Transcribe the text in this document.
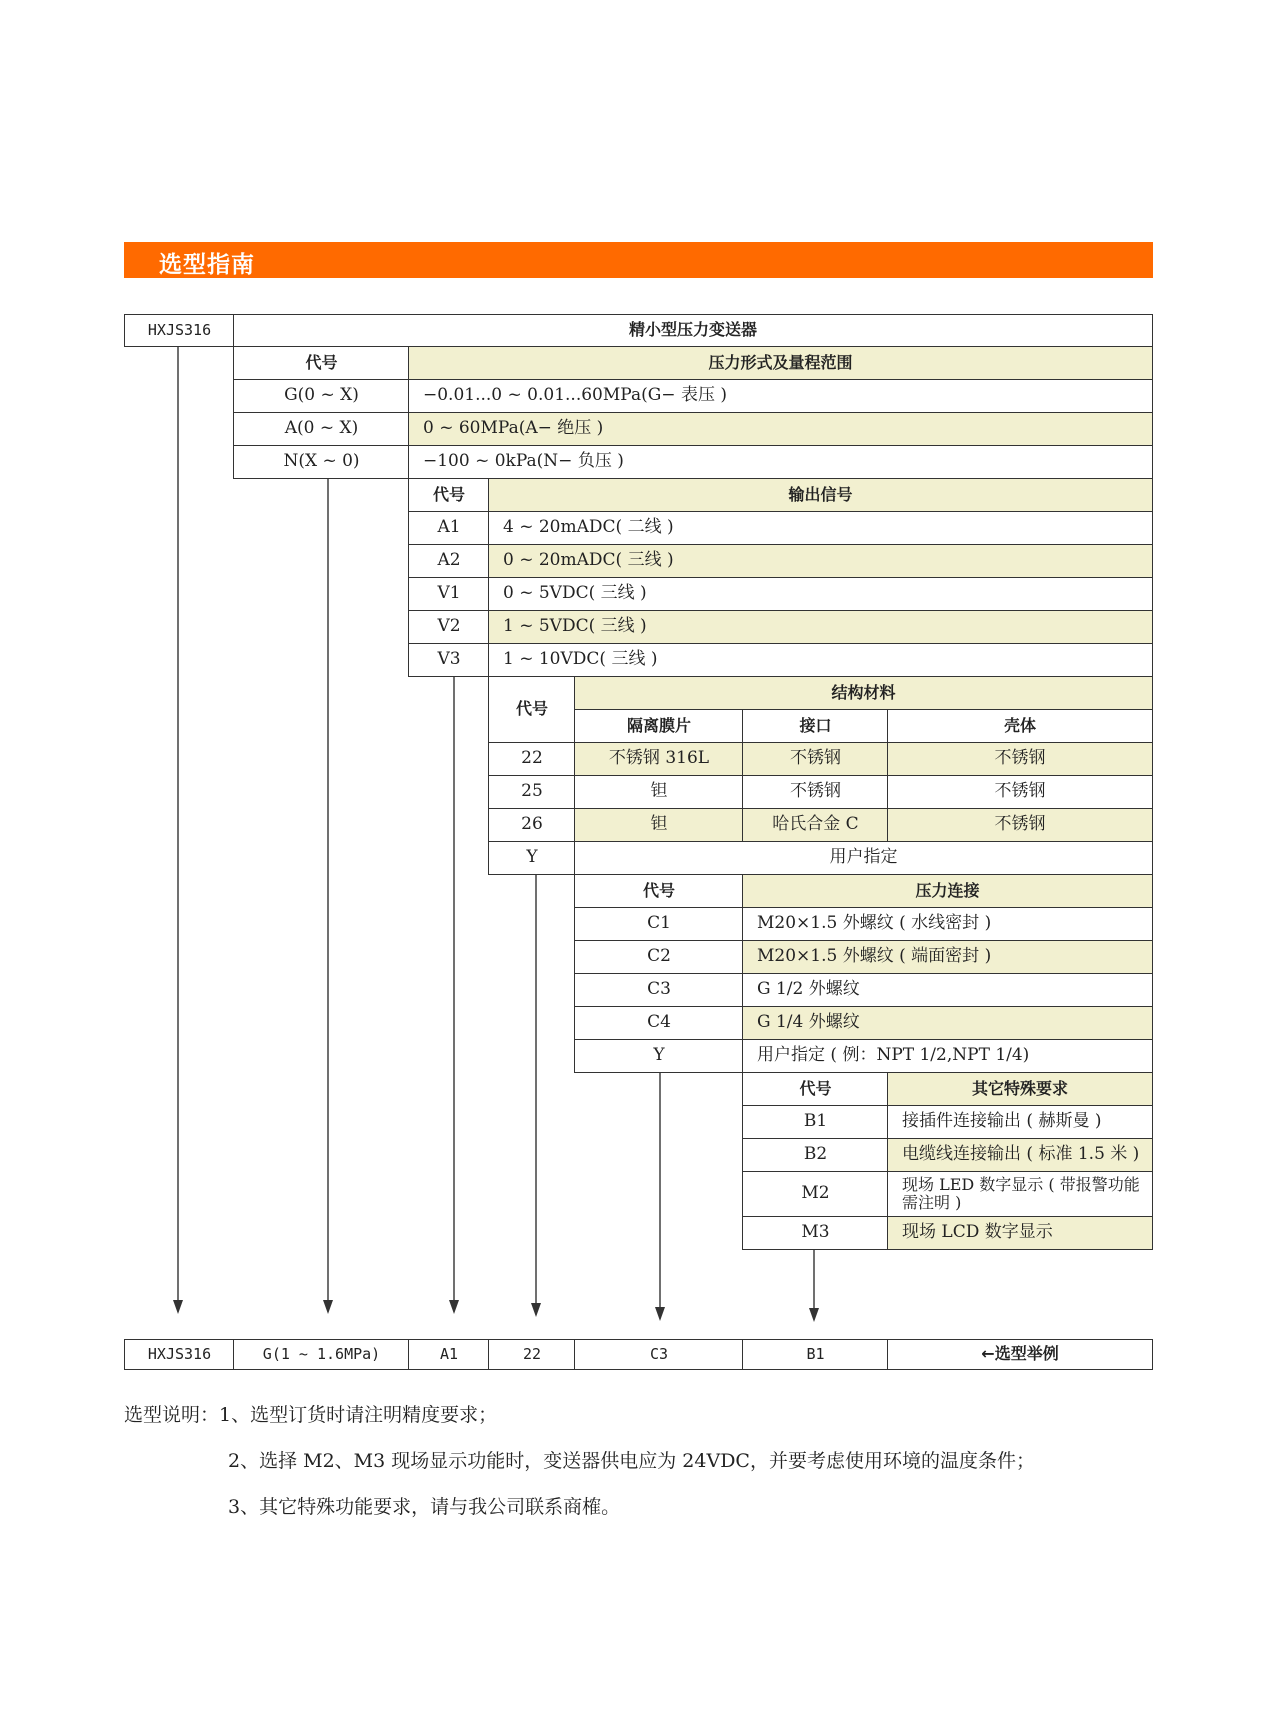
选型指南
HXJS316	精小型压力变送器
代号	压力形式及量程范围
G(0 ~ X)	−0.01...0 ~ 0.01...60MPa(G− 表压 )
A(0 ~ X)	0 ~ 60MPa(A− 绝压 )
N(X ~ 0)	−100 ~ 0kPa(N− 负压 )
代号	输出信号
A1	4 ~ 20mADC( 二线 )
A2	0 ~ 20mADC( 三线 )
V1	0 ~ 5VDC( 三线 )
V2	1 ~ 5VDC( 三线 )
V3	1 ~ 10VDC( 三线 )
代号
结构材料
隔离膜片	接口	壳体
22	不锈钢 316L	不锈钢	不锈钢
25	钽	不锈钢	不锈钢
26	钽	哈氏合金 C	不锈钢
Y	用户指定
代号	压力连接
C1	M20×1.5 外螺纹 ( 水线密封 )
C2	M20×1.5 外螺纹 ( 端面密封 )
C3	G 1/2 外螺纹
C4	G 1/4 外螺纹
Y	用户指定 ( 例：NPT 1/2,NPT 1/4)
代号	其它特殊要求
B1	接插件连接输出 ( 赫斯曼 )
B2	电缆线连接输出 ( 标准 1.5 米 )
M2	现场 LED 数字显示 ( 带报警功能需注明 )
M3	现场 LCD 数字显示
HXJS316	G(1 ~ 1.6MPa)	A1	22	C3	B1	←选型举例
选型说明：1、选型订货时请注明精度要求；
2、选择 M2、M3 现场显示功能时，变送器供电应为 24VDC，并要考虑使用环境的温度条件；
3、其它特殊功能要求，请与我公司联系商榷。
